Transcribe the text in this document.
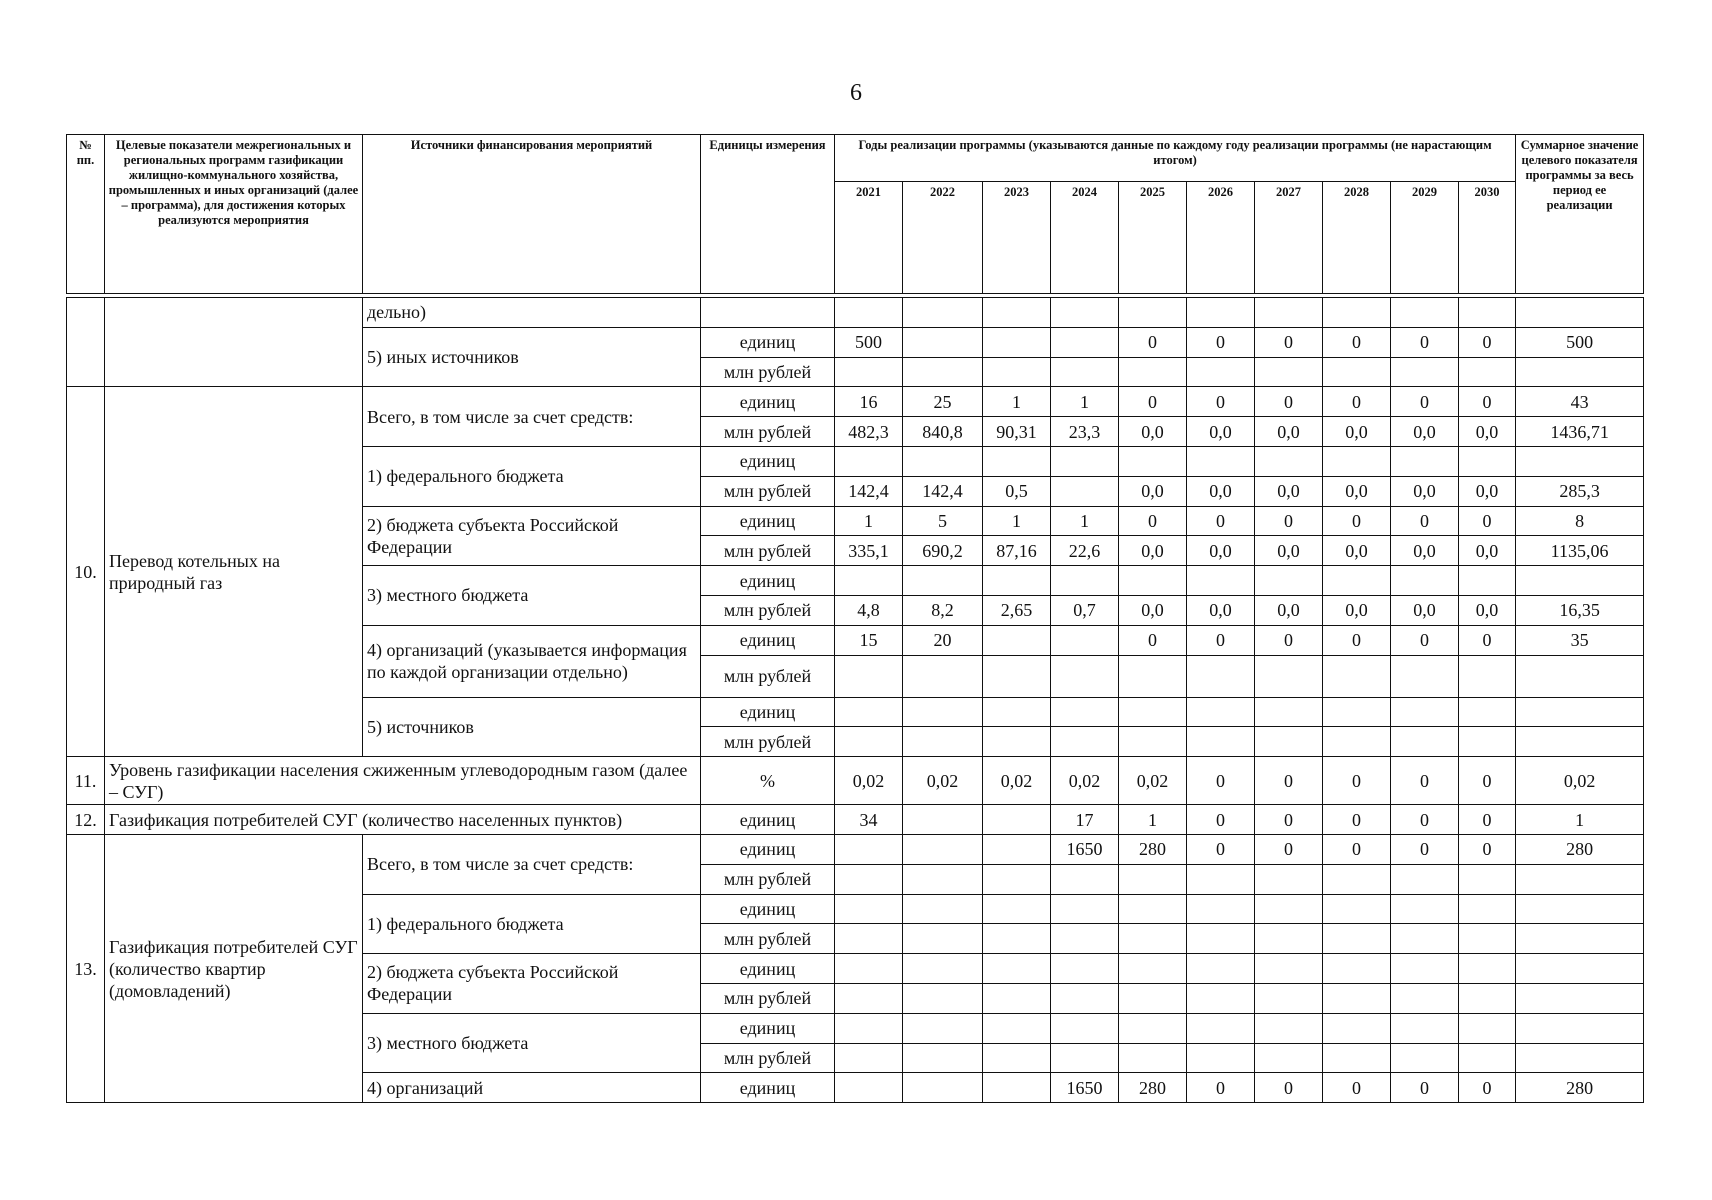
6
№ пп.	Целевые показатели межрегиональных и региональных программ газификации жилищно-коммунального хозяйства, промышленных и иных организаций (далее – программа), для достижения которых реализуются мероприятия	Источники финансирования мероприятий	Единицы измерения	Годы реализации программы (указываются данные по каждому году реализации программы (не нарастающим итогом)										Суммарное значение целевого показателя программы за весь период ее реализации
				2021	2022	2023	2024	2025	2026	2027	2028	2029	2030	

		дельно)												
		5) иных источников	единиц	500				0	0	0	0	0	0	500
			млн рублей											
10.	Перевод котельных на природный газ	Всего, в том числе за счет средств:	единиц	16	25	1	1	0	0	0	0	0	0	43
			млн рублей	482,3	840,8	90,31	23,3	0,0	0,0	0,0	0,0	0,0	0,0	1436,71
		1) федерального бюджета	единиц											
			млн рублей	142,4	142,4	0,5		0,0	0,0	0,0	0,0	0,0	0,0	285,3
		2) бюджета субъекта Российской Федерации	единиц	1	5	1	1	0	0	0	0	0	0	8
			млн рублей	335,1	690,2	87,16	22,6	0,0	0,0	0,0	0,0	0,0	0,0	1135,06
		3) местного бюджета	единиц											
			млн рублей	4,8	8,2	2,65	0,7	0,0	0,0	0,0	0,0	0,0	0,0	16,35
		4) организаций (указывается информация по каждой организации отдельно)	единиц	15	20			0	0	0	0	0	0	35
			млн рублей											
		5) источников	единиц											
			млн рублей											
11.	Уровень газификации населения сжиженным углеводородным газом (далее – СУГ)		%	0,02	0,02	0,02	0,02	0,02	0	0	0	0	0	0,02
12.	Газификация потребителей СУГ (количество населенных пунктов)		единиц	34			17	1	0	0	0	0	0	1
13.	Газификация потребителей СУГ (количество квартир (домовладений)	Всего, в том числе за счет средств:	единиц				1650	280	0	0	0	0	0	280
			млн рублей											
		1) федерального бюджета	единиц											
			млн рублей											
		2) бюджета субъекта Российской Федерации	единиц											
			млн рублей											
		3) местного бюджета	единиц											
			млн рублей											
		4) организаций	единиц				1650	280	0	0	0	0	0	280
